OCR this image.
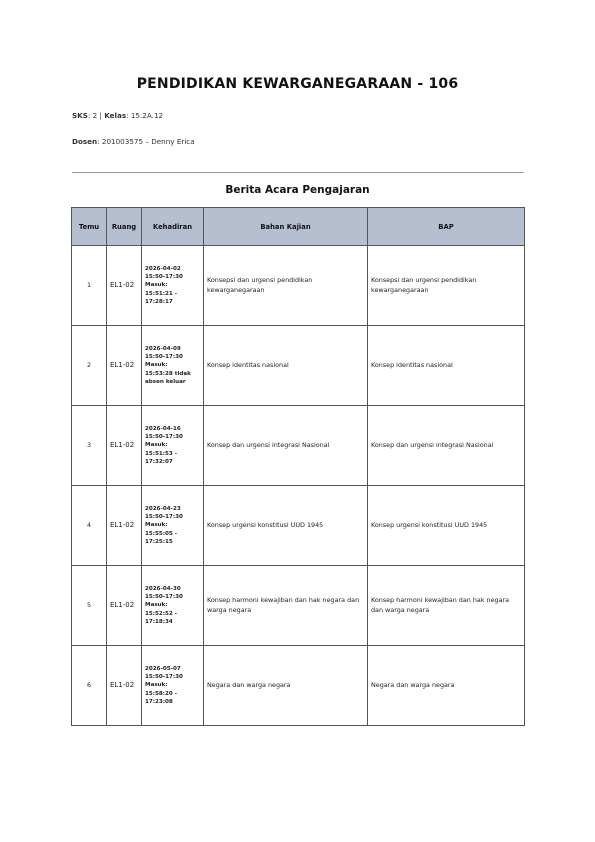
PENDIDIKAN KEWARGANEGARAAN - 106
SKS: 2 | Kelas: 15.2A.12
Dosen: 201003575 – Denny Erica
Berita Acara Pengajaran
Temu	Ruang	Kehadiran	Bahan Kajian	BAP
1	EL1-02	2026-04-02
15:50-17:30
Masuk:
15:51:21 -
17:28:17	Konsepsi dan urgensi pendidikan kewarganegaraan	Konsepsi dan urgensi pendidikan kewarganegaraan
2	EL1-02	2026-04-09
15:50-17:30
Masuk:
15:53:28 tidak
absen keluar	Konsep identitas nasional	Konsep identitas nasional
3	EL1-02	2026-04-16
15:50-17:30
Masuk:
15:51:53 -
17:32:07	Konsep dan urgensi integrasi Nasional	Konsep dan urgensi integrasi Nasional
4	EL1-02	2026-04-23
15:50-17:30
Masuk:
15:55:05 -
17:25:15	Konsep urgensi konstitusi UUD 1945	Konsep urgensi konstitusi UUD 1945
5	EL1-02	2026-04-30
15:50-17:30
Masuk:
15:52:52 -
17:18:34	Konsep harmoni kewajiban dan hak negara dan warga negara	Konsep harmoni kewajiban dan hak negara dan warga negara
6	EL1-02	2026-05-07
15:50-17:30
Masuk:
15:58:20 -
17:23:08	Negara dan warga negara	Negara dan warga negara
